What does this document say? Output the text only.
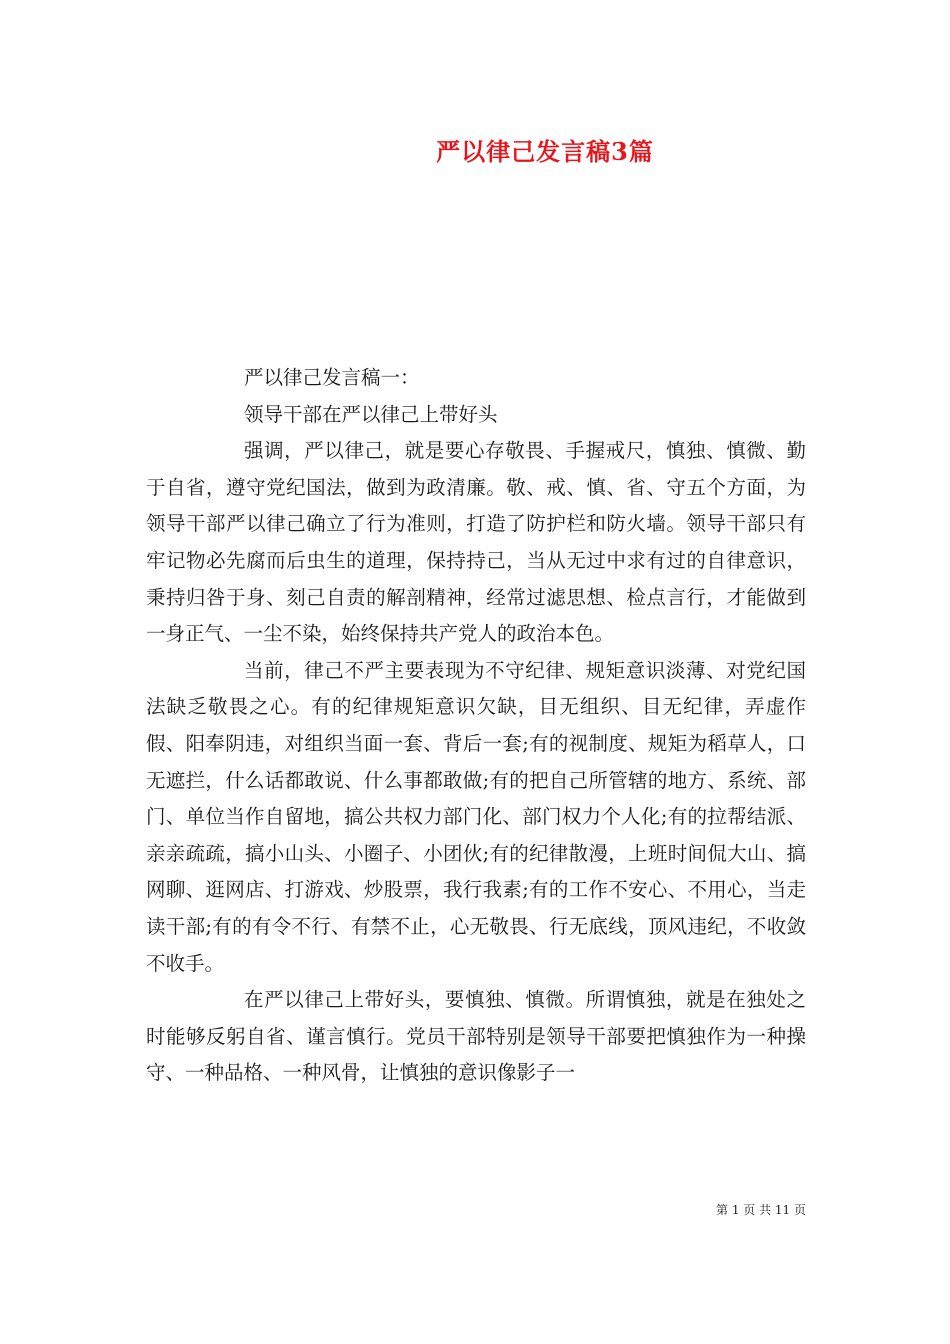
严以律己发言稿3篇
严以律己发言稿一：
领导干部在严以律己上带好头

强调，严以律己，就是要心存敬畏、手握戒尺，慎独、慎微、勤于自省，遵守党纪国法，做到为政清廉。敬、戒、慎、省、守五个方面，为领导干部严以律己确立了行为准则，打造了防护栏和防火墙。领导干部只有牢记物必先腐而后虫生的道理，保持持己，当从无过中求有过的自律意识，秉持归咎于身、刻己自责的解剖精神，经常过滤思想、检点言行，才能做到一身正气、一尘不染，始终保持共产党人的政治本色。

当前，律己不严主要表现为不守纪律、规矩意识淡薄、对党纪国法缺乏敬畏之心。有的纪律规矩意识欠缺，目无组织、目无纪律，弄虚作假、阳奉阴违，对组织当面一套、背后一套;有的视制度、规矩为稻草人，口无遮拦，什么话都敢说、什么事都敢做;有的把自己所管辖的地方、系统、部门、单位当作自留地，搞公共权力部门化、部门权力个人化;有的拉帮结派、亲亲疏疏，搞小山头、小圈子、小团伙;有的纪律散漫，上班时间侃大山、搞网聊、逛网店、打游戏、炒股票，我行我素;有的工作不安心、不用心，当走读干部;有的有令不行、有禁不止，心无敬畏、行无底线，顶风违纪，不收敛不收手。

在严以律己上带好头，要慎独、慎微。所谓慎独，就是在独处之时能够反躬自省、谨言慎行。党员干部特别是领导干部要把慎独作为一种操守、一种品格、一种风骨，让慎独的意识像影子一

第 1 页 共 11 页
